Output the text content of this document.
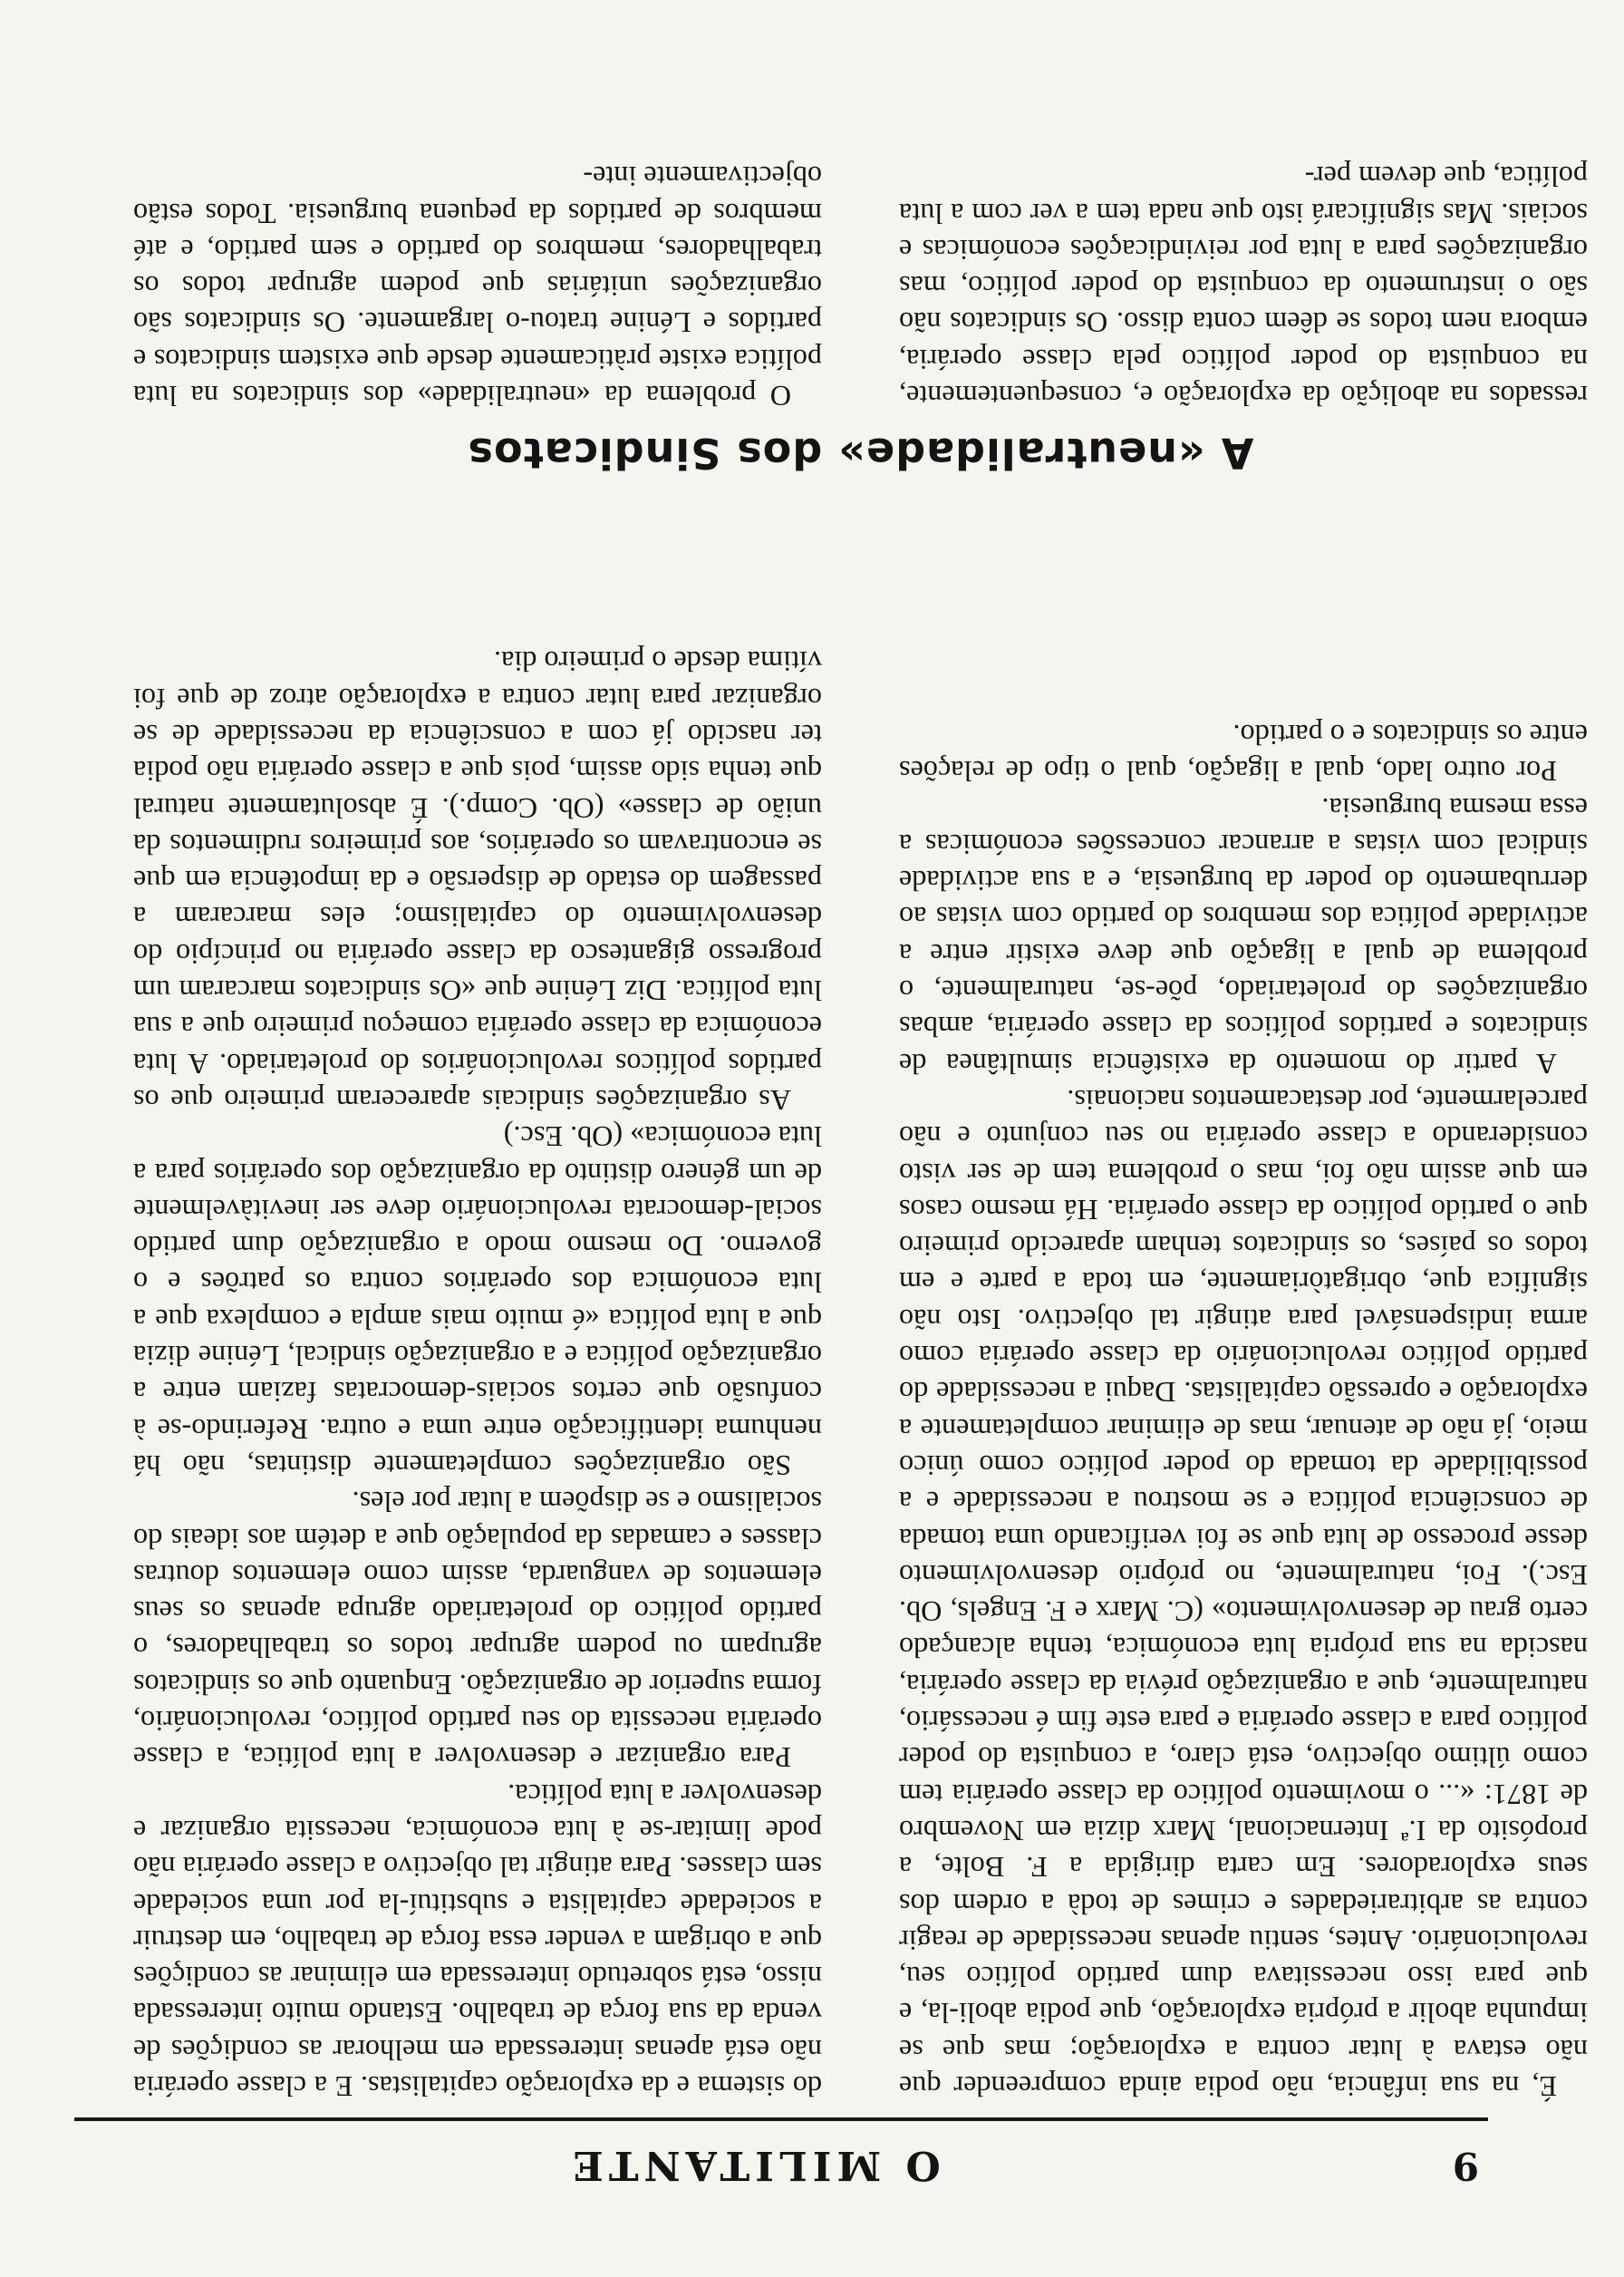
9
O MILITANTE

É, na sua infância, não podia ainda compreender que não estava à lutar contra a exploração; mas que se impunha abolir a própria exploração, que podia aboli-la, e que para isso necessitava dum partido político seu, revolucionário. Antes, sentiu apenas necessidade de reagir contra as arbitrariedades e crimes de todà a ordem dos seus exploradores. Em carta dirigida a F. Bolte, a propósito da I.ª Internacional, Marx dizia em Novembro de 1871: «... o movimento político da classe operária tem como último objectivo, está claro, a conquista do poder político para a classe operária e para este fim é necessário, naturalmente, que a organização prévia da classe operária, nascida na sua própria luta económica, tenha alcançado certo grau de desenvolvimento» (C. Marx e F. Engels, Ob. Esc.). Foi, naturalmente, no próprio desenvolvimento desse processo de luta que se foi verificando uma tomada de consciência política e se mostrou a necessidade e a possibilidade da tomada do poder político como único meio, já não de atenuar, mas de eliminar completamente a exploração e opressão capitalistas. Daqui a necessidade do partido político revolucionário da classe operária como arma indispensável para atingir tal objectivo. Isto não significa que, obrigatòriamente, em toda a parte e em todos os países, os sindicatos tenham aparecido primeiro que o partido político da classe operária. Há mesmo casos em que assim não foi, mas o problema tem de ser visto considerando a classe operária no seu conjunto e não parcelarmente, por destacamentos nacionais.

A partir do momento da existência simultânea de sindicatos e partidos políticos da classe operária, ambas organizações do proletariado, põe-se, naturalmente, o problema de qual a ligação que deve existir entre a actividade política dos membros do partido com vistas ao derrubamento do poder da burguesia, e a sua actividade sindical com vistas a arrancar concessões económicas a essa mesma burguesia.

Por outro lado, qual a ligação, qual o tipo de relações entre os sindicatos e o partido.

do sistema e da exploração capitalistas. E a classe operária não está apenas interessada em melhorar as condições de venda da sua força de trabalho. Estando muito interessada nisso, está sobretudo interessada em eliminar as condições que a obrigam a vender essa força de trabalho, em destruir a sociedade capitalista e substituí-la por uma sociedade sem classes. Para atingir tal objectivo a classe operária não pode limitar-se à luta económica, necessita organizar e desenvolver a luta política.

Para organizar e desenvolver a luta política, a classe operária necessita do seu partido político, revolucionário, forma superior de organização. Enquanto que os sindicatos agrupam ou podem agrupar todos os trabalhadores, o partido político do proletariado agrupa apenas os seus elementos de vanguarda, assim como elementos doutras classes e camadas da população que a detém aos ideais do socialismo e se dispõem a lutar por eles.

São organizações completamente distintas, não há nenhuma identificação entre uma e outra. Referindo-se à confusão que certos sociais-democratas faziam entre a organização política e a organização sindical, Lénine dizia que a luta política «é muito mais ampla e complexa que a luta económica dos operários contra os patrões e o governo. Do mesmo modo a organização dum partido social-democrata revolucionário deve ser inevitàvelmente de um género distinto da organização dos operários para a luta económica» (Ob. Esc.)

As organizações sindicais apareceram primeiro que os partidos políticos revolucionários do proletariado. A luta económica da classe operária começou primeiro que a sua luta política. Diz Lénine que «Os sindicatos marcaram um progresso gigantesco da classe operária no princípio do desenvolvimento do capitalismo; eles marcaram a passagem do estado de dispersão e da impotência em que se encontravam os operários, aos primeiros rudimentos da união de classe» (Ob. Comp.). É absolutamente natural que tenha sido assim, pois que a classe operária não podia ter nascido já com a consciência da necessidade de se organizar para lutar contra a exploração atroz de que foi vítima desde o primeiro dia.

A «neutralidade» dos Sindicatos

ressados na abolição da exploração e, consequentemente, na conquista do poder político pela classe operária, embora nem todos se dêem conta disso. Os sindicatos não são o instrumento da conquista do poder político, mas organizações para a luta por reivindicações económicas e sociais. Mas significará isto que nada tem a ver com a luta política, que devem per-

O problema da «neutralidade» dos sindicatos na luta política existe pràticamente desde que existem sindicatos e partidos e Lénine tratou-o largamente. Os sindicatos são organizações unitárias que podem agrupar todos os trabalhadores, membros do partido e sem partido, e até membros de partidos da pequena burguesia. Todos estão objectivamente inte-
